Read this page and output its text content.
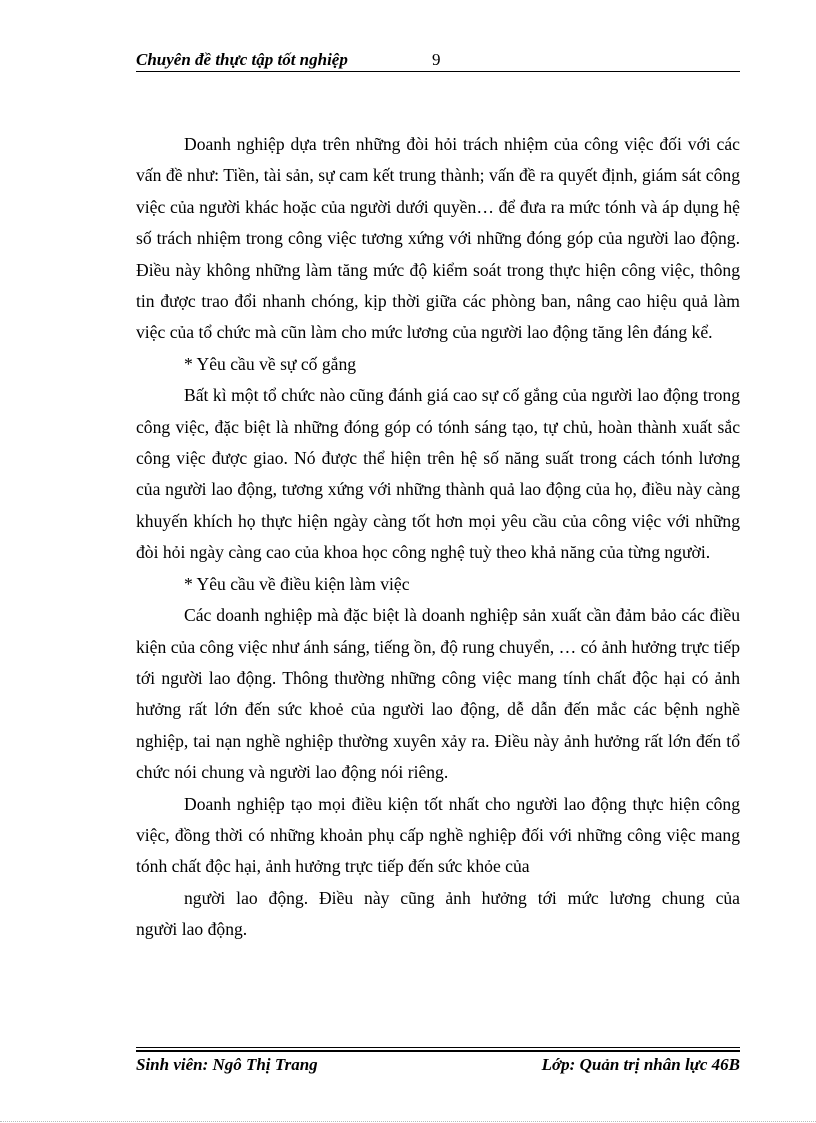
Chuyên đề thực tập tốt nghiệp	9

Doanh nghiệp dựa trên những đòi hỏi trách nhiệm của công việc đối với các vấn đề như: Tiền, tài sản, sự cam kết trung thành; vấn đề ra quyết định, giám sát công việc của người khác hoặc của người dưới quyền… để đưa ra mức tónh và áp dụng hệ số trách nhiệm trong công việc tương xứng với những đóng góp của người lao động. Điều này không những làm tăng mức độ kiểm soát trong thực hiện công việc, thông tin được trao đổi nhanh chóng, kịp thời giữa các phòng ban, nâng cao hiệu quả làm việc của tổ chức mà cũn làm cho mức lương của người lao động tăng lên đáng kể.

* Yêu cầu về sự cố gắng

Bất kì một tổ chức nào cũng đánh giá cao sự cố gắng của người lao động trong công việc, đặc biệt là những đóng góp có tónh sáng tạo, tự chủ, hoàn thành xuất sắc công việc được giao. Nó được thể hiện trên hệ số năng suất trong cách tónh lương của người lao động, tương xứng với những thành quả lao động của họ, điều này càng khuyến khích họ thực hiện ngày càng tốt hơn mọi yêu cầu của công việc với những đòi hỏi ngày càng cao của khoa học công nghệ tuỳ theo khả năng của từng người.

* Yêu cầu về điều kiện làm việc

Các doanh nghiệp mà đặc biệt là doanh nghiệp sản xuất cần đảm bảo các điều kiện của công việc như ánh sáng, tiếng ồn, độ rung chuyển, … có ảnh hưởng trực tiếp tới người lao động. Thông thường những công việc mang tính chất độc hại có ảnh hưởng rất lớn đến sức khoẻ của người lao động, dễ dẫn đến mắc các bệnh nghề nghiệp, tai nạn nghề nghiệp thường xuyên xảy ra. Điều này ảnh hưởng rất lớn đến tổ chức nói chung và người lao động nói riêng.

Doanh nghiệp tạo mọi điều kiện tốt nhất cho người lao động thực hiện công việc, đồng thời có những khoản phụ cấp nghề nghiệp đối với những công việc mang tónh chất độc hại, ảnh hưởng trực tiếp đến sức khỏe của

người lao động. Điều này cũng ảnh hưởng tới mức lương chung của

người lao động.

Sinh viên: Ngô Thị Trang	Lớp: Quản trị nhân lực 46B
